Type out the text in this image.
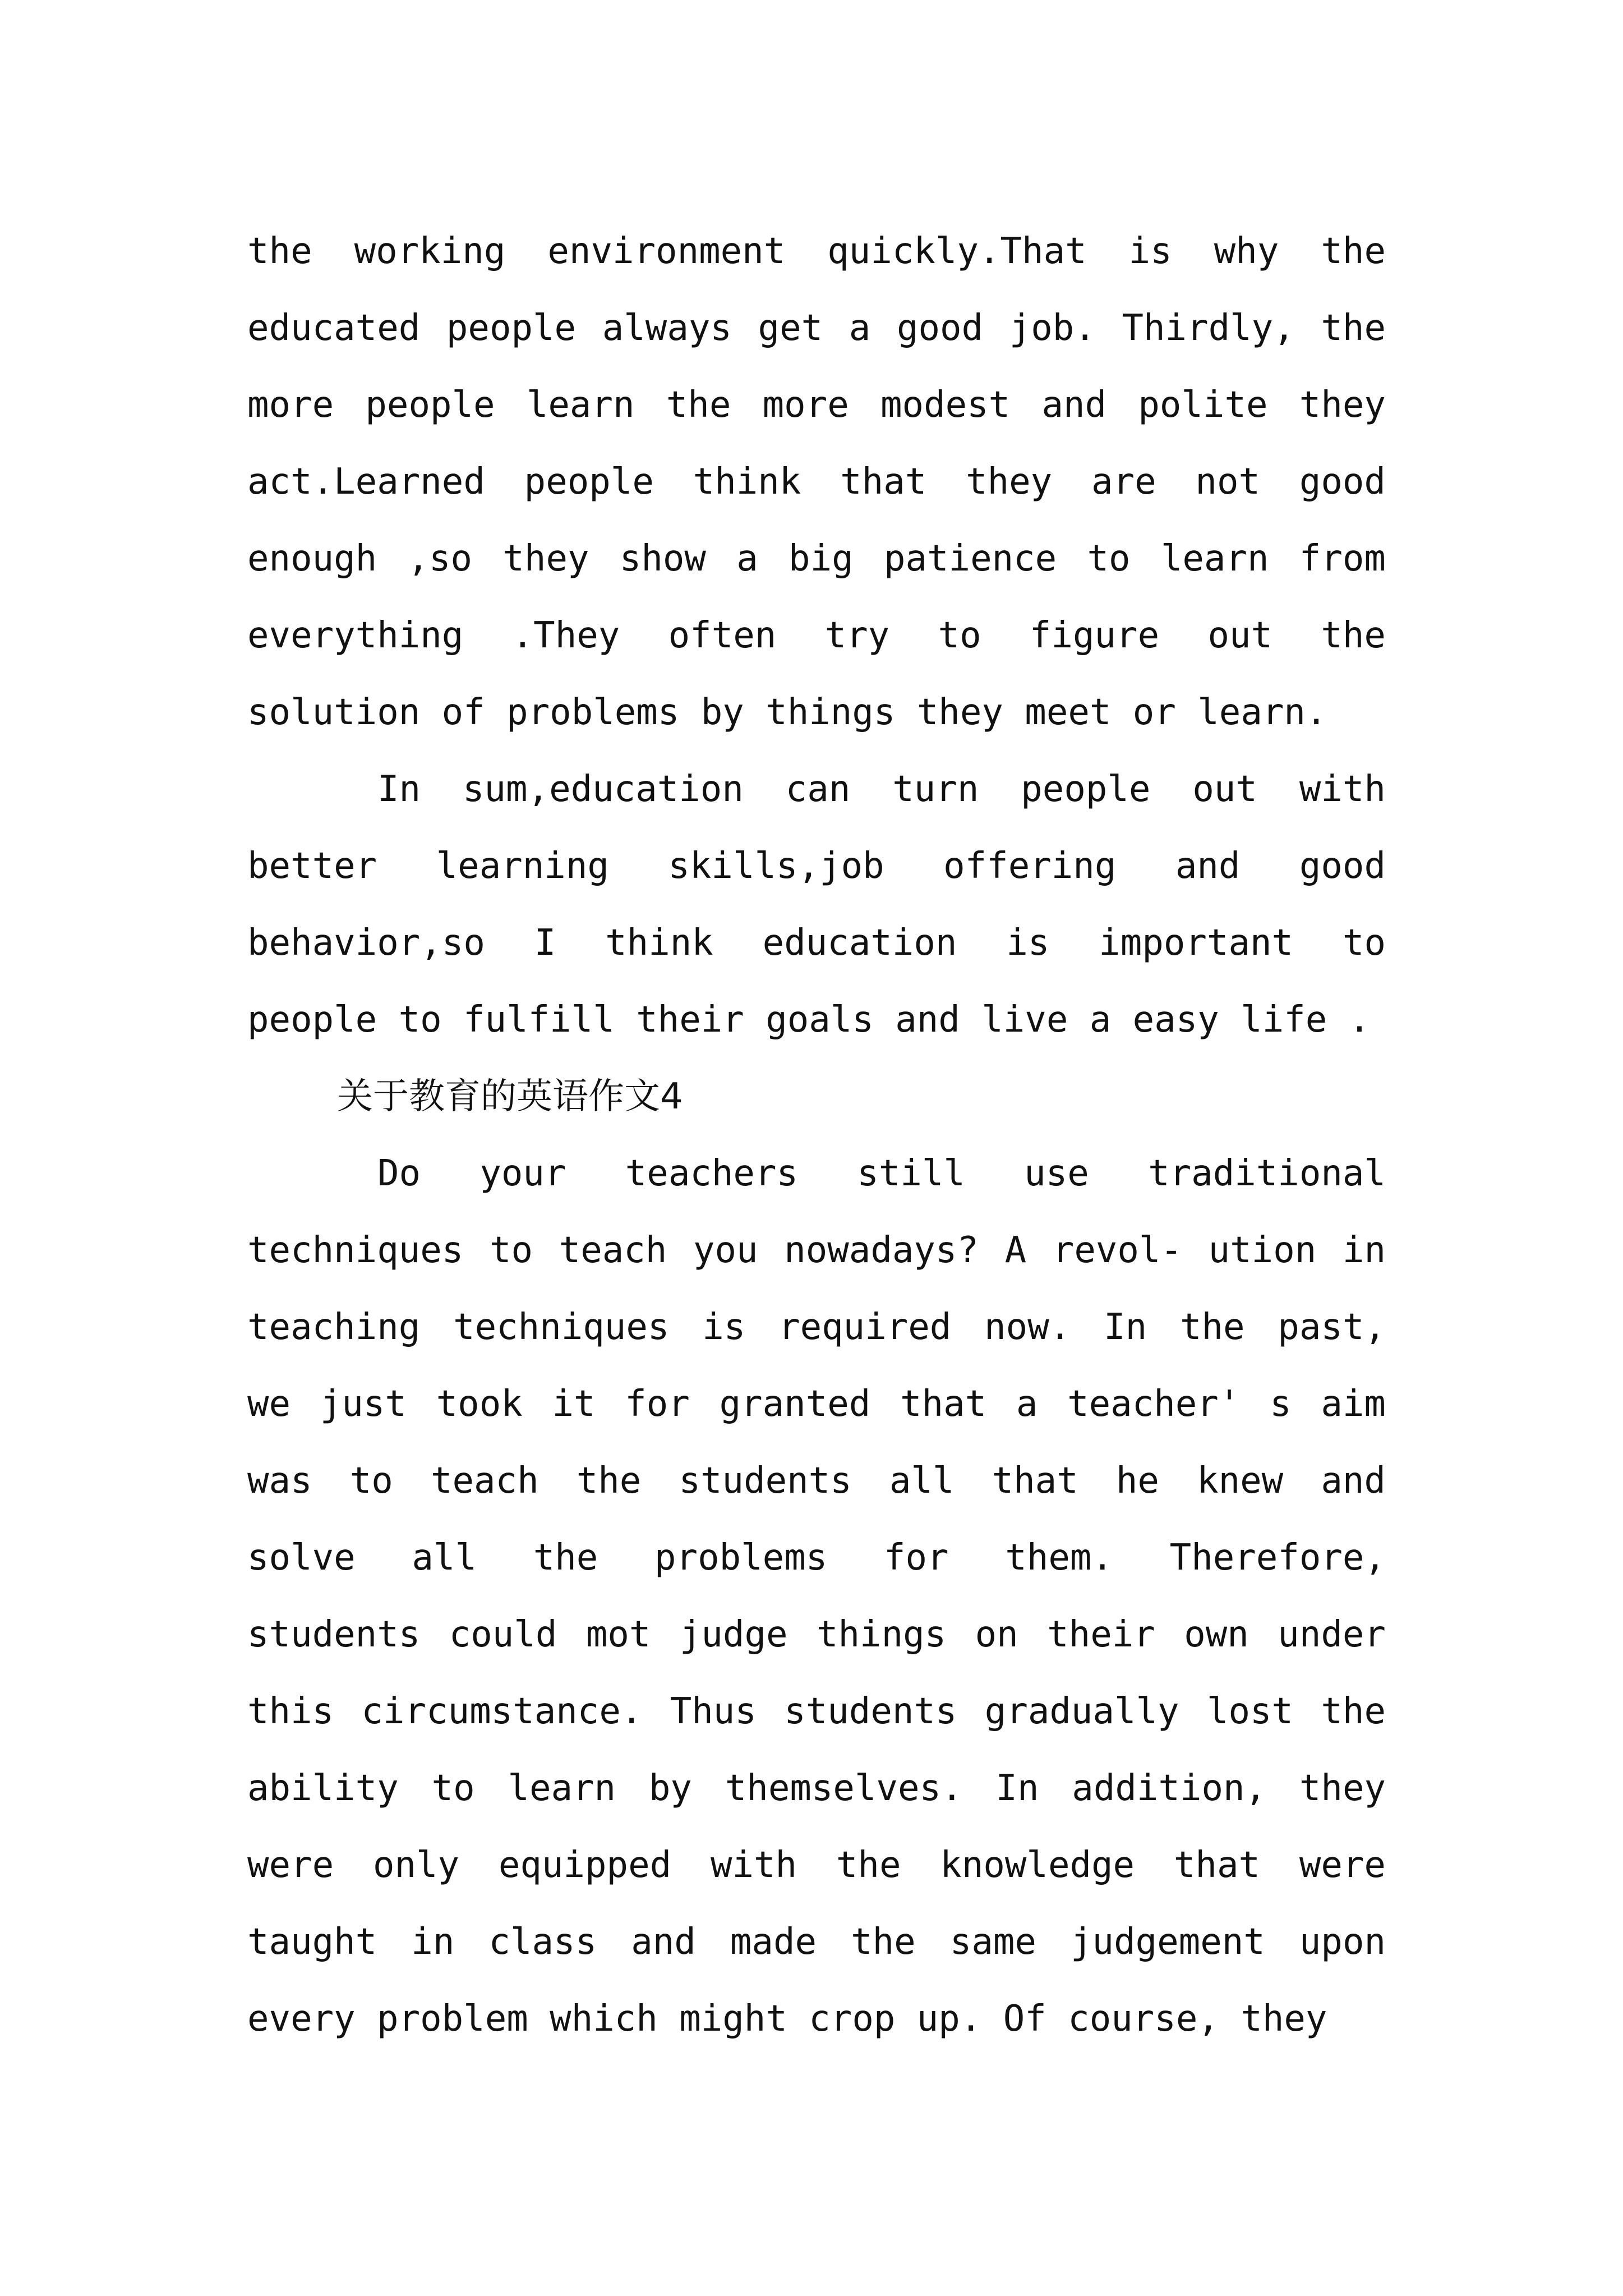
the working environment quickly.That is why the
educated people always get a good job. Thirdly, the
more people learn the more modest and polite they
act.Learned people think that they are not good
enough ,so they show a big patience to learn from
everything .They often try to figure out the
solution of problems by things they meet or learn.
In sum,education can turn people out with
better learning skills,job offering and good
behavior,so I think education is important to
people to fulfill their goals and live a easy life .
关于教育的英语作文4
Do your teachers still use traditional
techniques to teach you nowadays? A revol- ution in
teaching techniques is required now. In the past,
we just took it for granted that a teacher' s aim
was to teach the students all that he knew and
solve all the problems for them. Therefore,
students could mot judge things on their own under
this circumstance. Thus students gradually lost the
ability to learn by themselves. In addition, they
were only equipped with the knowledge that were
taught in class and made the same judgement upon
every problem which might crop up. Of course, they
